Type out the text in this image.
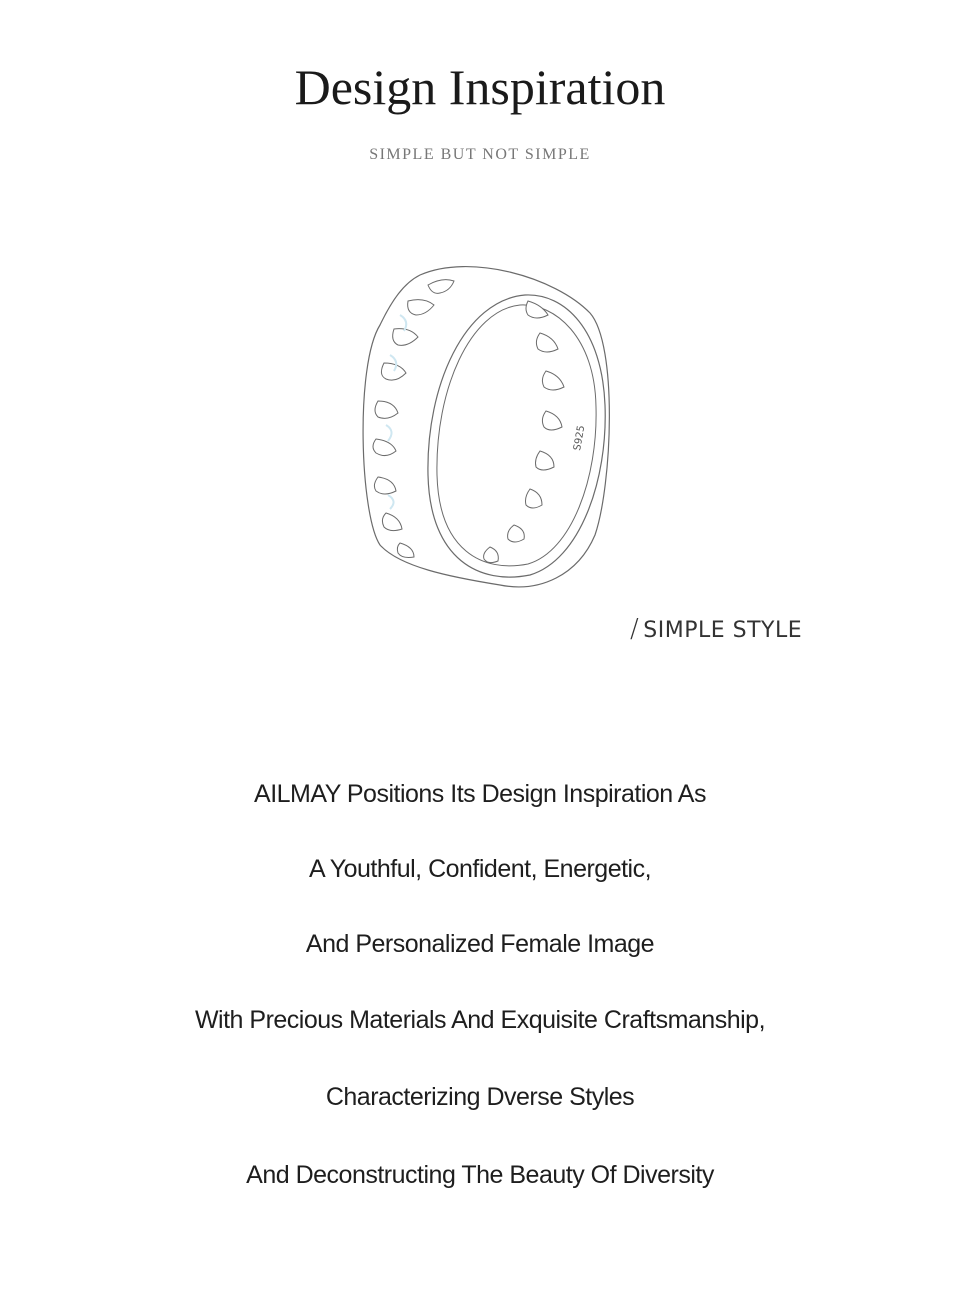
Design Inspiration

SIMPLE BUT NOT SIMPLE

S925
/ SIMPLE STYLE
AILMAY Positions Its Design Inspiration As
A Youthful, Confident, Energetic,
And Personalized Female Image
With Precious Materials And Exquisite Craftsmanship,
Characterizing Dverse Styles
And Deconstructing The Beauty Of Diversity
